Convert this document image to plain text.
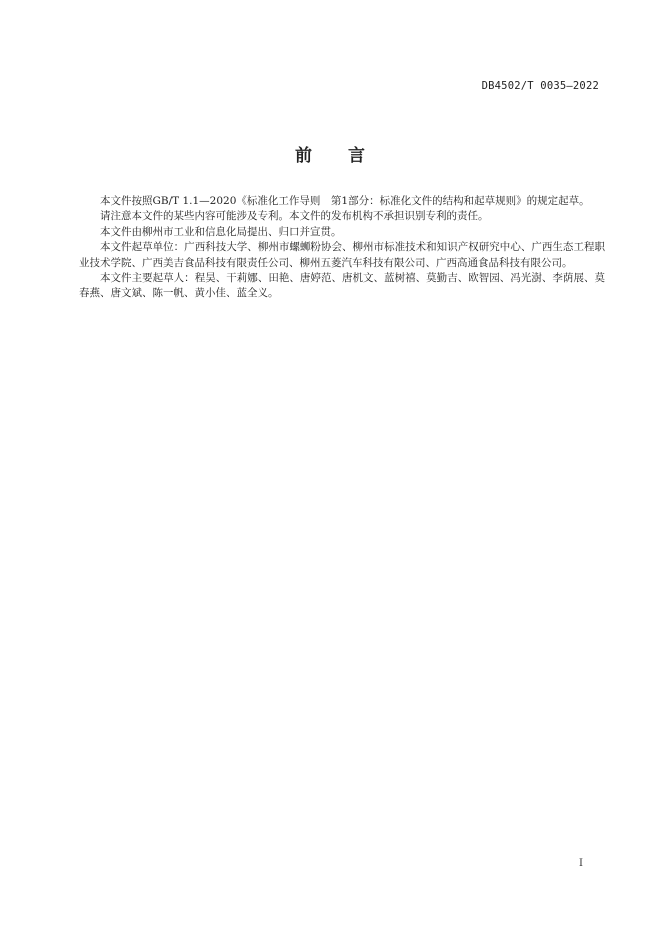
DB4502/T 0035—2022
前 言

本文件按照GB/T 1.1—2020《标准化工作导则　第1部分：标准化文件的结构和起草规则》的规定起草。

请注意本文件的某些内容可能涉及专利。本文件的发布机构不承担识别专利的责任。

本文件由柳州市工业和信息化局提出、归口并宣贯。

本文件起草单位：广西科技大学、柳州市螺蛳粉协会、柳州市标准技术和知识产权研究中心、广西生态工程职业技术学院、广西美吉食品科技有限责任公司、柳州五菱汽车科技有限公司、广西高通食品科技有限公司。

本文件主要起草人：程昊、干莉娜、田艳、唐婷范、唐机文、蓝树禧、莫勤吉、欧智园、冯光澍、李荫展、莫春燕、唐文斌、陈一帆、黄小佳、蓝全义。

I
